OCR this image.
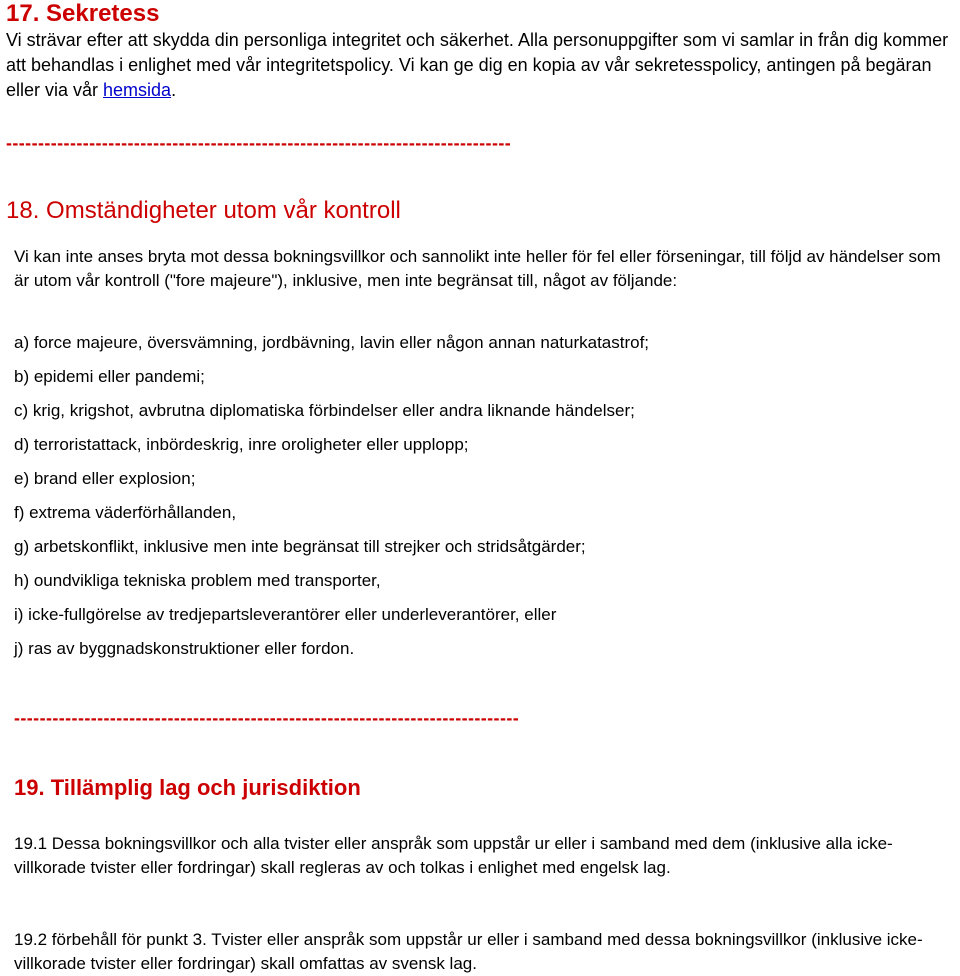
17. Sekretess

Vi strävar efter att skydda din personliga integritet och säkerhet. Alla personuppgifter som vi samlar in från dig kommer att behandlas i enlighet med vår integritetspolicy. Vi kan ge dig en kopia av vår sekretesspolicy, antingen på begäran eller via vår hemsida.

-------------------------------------------------------------------------------
18. Omständigheter utom vår kontroll

Vi kan inte anses bryta mot dessa bokningsvillkor och sannolikt inte heller för fel eller förseningar, till följd av händelser som är utom vår kontroll ("fore majeure"), inklusive, men inte begränsat till, något av följande:

a) force majeure, översvämning, jordbävning, lavin eller någon annan naturkatastrof;
b) epidemi eller pandemi;
c) krig, krigshot, avbrutna diplomatiska förbindelser eller andra liknande händelser;
d) terroristattack, inbördeskrig, inre oroligheter eller upplopp;
e) brand eller explosion;
f) extrema väderförhållanden,
g) arbetskonflikt, inklusive men inte begränsat till strejker och stridsåtgärder;
h) oundvikliga tekniska problem med transporter,
i) icke-fullgörelse av tredjepartsleverantörer eller underleverantörer, eller
j) ras av byggnadskonstruktioner eller fordon.
-------------------------------------------------------------------------------
19. Tillämplig lag och jurisdiktion

19.1 Dessa bokningsvillkor och alla tvister eller anspråk som uppstår ur eller i samband med dem (inklusive alla icke-villkorade tvister eller fordringar) skall regleras av och tolkas i enlighet med engelsk lag.

19.2 förbehåll för punkt 3. Tvister eller anspråk som uppstår ur eller i samband med dessa bokningsvillkor (inklusive icke-villkorade tvister eller fordringar) skall omfattas av svensk lag.
